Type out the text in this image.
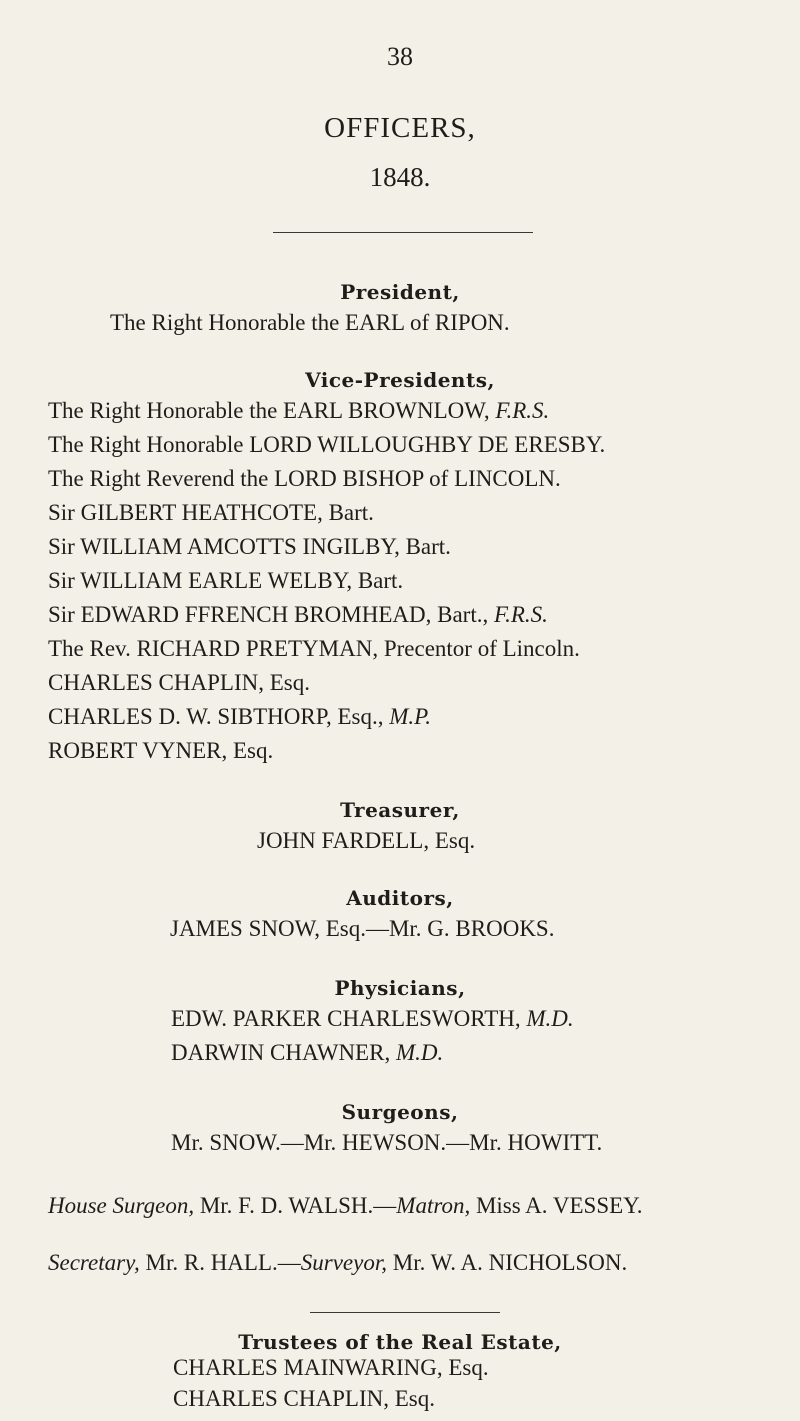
38
OFFICERS,
1848.
President,
The Right Honorable the EARL of RIPON.
Vice-Presidents,
The Right Honorable the EARL BROWNLOW, F.R.S.
The Right Honorable LORD WILLOUGHBY DE ERESBY.
The Right Reverend the LORD BISHOP of LINCOLN.
Sir GILBERT HEATHCOTE, Bart.
Sir WILLIAM AMCOTTS INGILBY, Bart.
Sir WILLIAM EARLE WELBY, Bart.
Sir EDWARD FFRENCH BROMHEAD, Bart., F.R.S.
The Rev. RICHARD PRETYMAN, Precentor of Lincoln.
CHARLES CHAPLIN, Esq.
CHARLES D. W. SIBTHORP, Esq., M.P.
ROBERT VYNER, Esq.
Treasurer,
JOHN FARDELL, Esq.
Auditors,
JAMES SNOW, Esq.—Mr. G. BROOKS.
Physicians,
EDW. PARKER CHARLESWORTH, M.D.
DARWIN CHAWNER, M.D.
Surgeons,
Mr. SNOW.—Mr. HEWSON.—Mr. HOWITT.
House Surgeon, Mr. F. D. WALSH.—Matron, Miss A. VESSEY.
Secretary, Mr. R. HALL.—Surveyor, Mr. W. A. NICHOLSON.
Trustees of the Real Estate,
CHARLES MAINWARING, Esq.
CHARLES CHAPLIN, Esq.
